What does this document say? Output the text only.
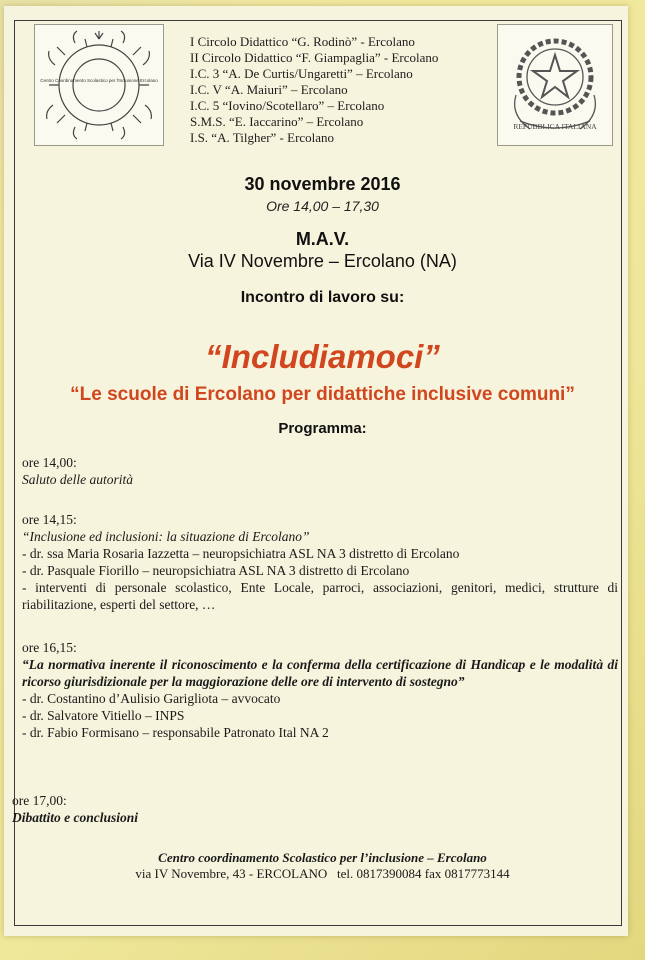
Centro Coordinamento Scolastico per l'Inclusione Ercolano
I Circolo Didattico “G. Rodinò” - Ercolano
II Circolo Didattico “F. Giampaglia” - Ercolano
I.C. 3 “A. De Curtis/Ungaretti” – Ercolano
I.C. V “A. Maiuri” – Ercolano
I.C. 5 “Iovino/Scotellaro” – Ercolano
S.M.S. “E. Iaccarino” – Ercolano
I.S. “A. Tilgher” - Ercolano
REPUBBLICA ITALIANA
30 novembre 2016
Ore 14,00 – 17,30
M.A.V.
Via IV Novembre – Ercolano (NA)
Incontro di lavoro su:
“Includiamoci”
“Le scuole di Ercolano per didattiche inclusive comuni”
Programma:

ore 14,00:

Saluto delle autorità

ore 14,15:

“Inclusione ed inclusioni: la situazione di Ercolano”

- dr. ssa Maria Rosaria Iazzetta – neuropsichiatra ASL NA 3 distretto di Ercolano

- dr. Pasquale Fiorillo – neuropsichiatra ASL NA 3 distretto di Ercolano

- interventi di personale scolastico, Ente Locale, parroci, associazioni, genitori, medici, strutture di riabilitazione, esperti del settore, …

ore 16,15:

“La normativa inerente il riconoscimento e la conferma della certificazione di Handicap e le modalità di ricorso giurisdizionale per la maggiorazione delle ore di intervento di sostegno”

- dr. Costantino d’Aulisio Garigliota – avvocato

- dr. Salvatore Vitiello – INPS

- dr. Fabio Formisano – responsabile Patronato Ital NA 2

ore 17,00:

Dibattito e conclusioni

Centro coordinamento Scolastico per l’inclusione – Ercolano
via IV Novembre, 43 - ERCOLANO   tel. 0817390084 fax 0817773144
